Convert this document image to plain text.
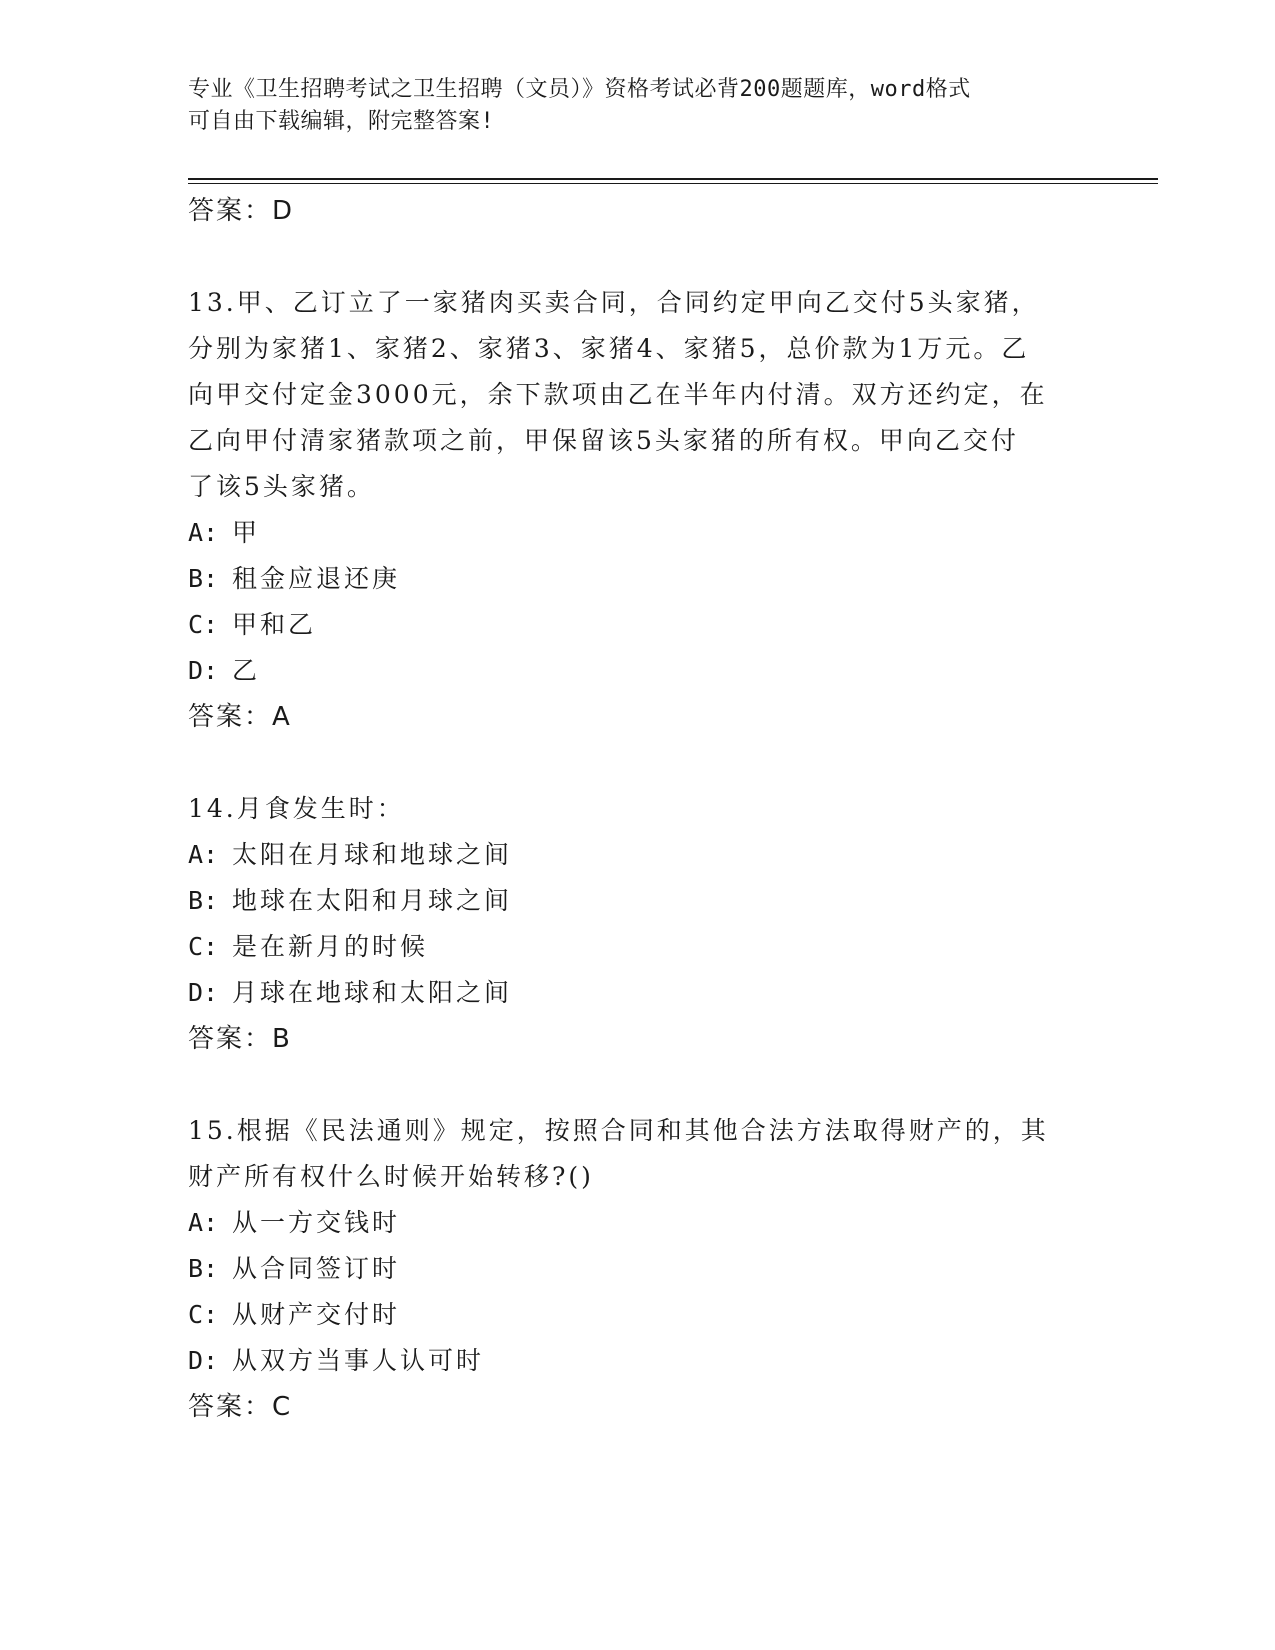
专业《卫生招聘考试之卫生招聘（文员）》资格考试必背200题题库，word格式
可自由下载编辑，附完整答案!
答案：D
13.甲、乙订立了一家猪肉买卖合同，合同约定甲向乙交付5头家猪，
分别为家猪1、家猪2、家猪3、家猪4、家猪5，总价款为1万元。乙
向甲交付定金3000元，余下款项由乙在半年内付清。双方还约定，在
乙向甲付清家猪款项之前，甲保留该5头家猪的所有权。甲向乙交付
了该5头家猪。
A: 甲
B: 租金应退还庚
C: 甲和乙
D: 乙
答案：A
14.月食发生时：
A: 太阳在月球和地球之间
B: 地球在太阳和月球之间
C: 是在新月的时候
D: 月球在地球和太阳之间
答案：B
15.根据《民法通则》规定，按照合同和其他合法方法取得财产的，其
财产所有权什么时候开始转移?()
A: 从一方交钱时
B: 从合同签订时
C: 从财产交付时
D: 从双方当事人认可时
答案：C
